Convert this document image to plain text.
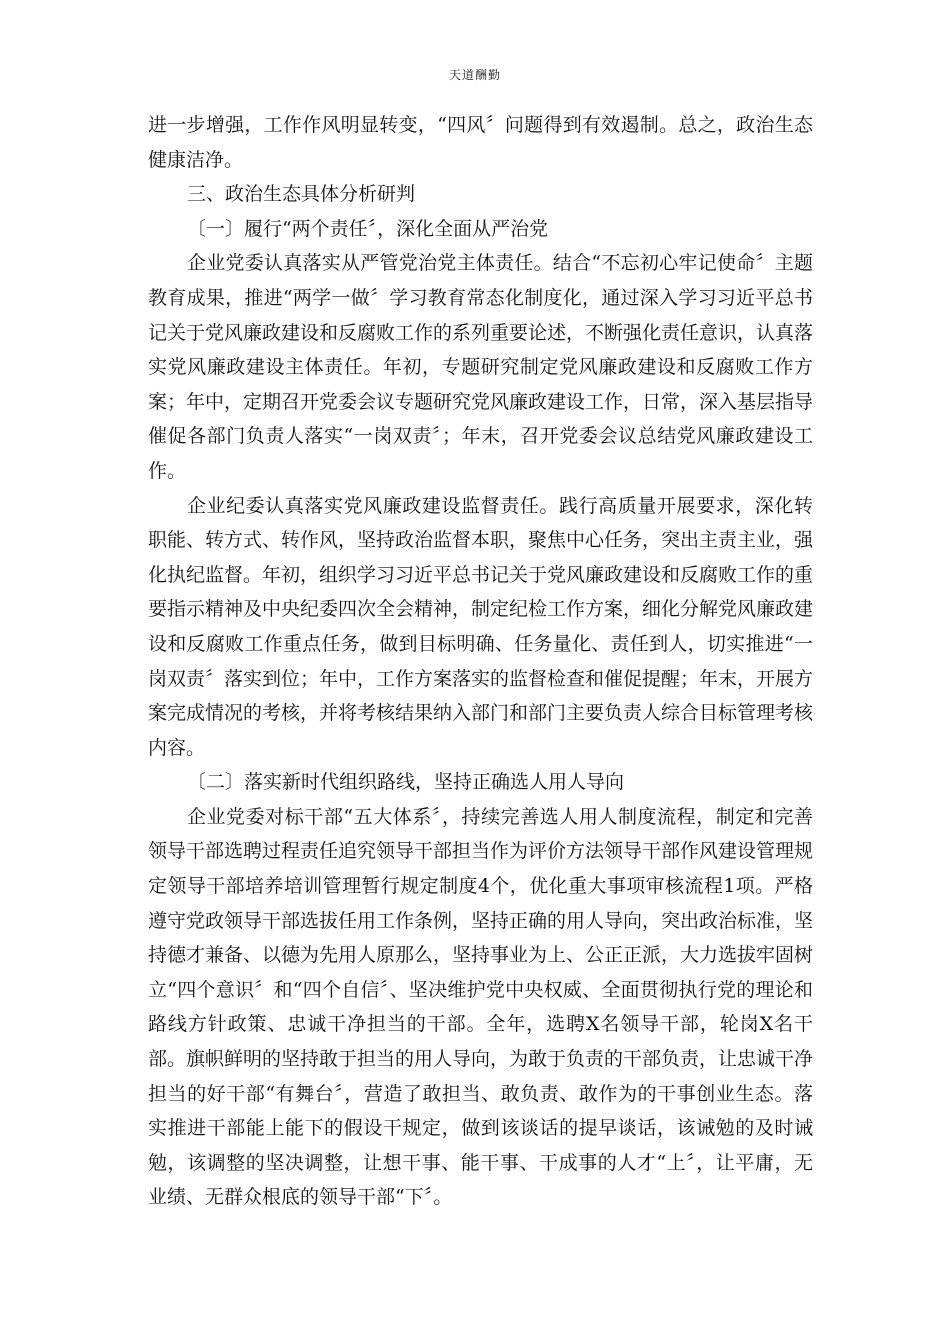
天道酬勤

进一步增强，工作作风明显转变，“四风〞问题得到有效遏制。总之，政治生态健康洁净。

三、政治生态具体分析研判

〔一〕履行“两个责任〞，深化全面从严治党

企业党委认真落实从严管党治党主体责任。结合“不忘初心牢记使命〞主题教育成果，推进“两学一做〞学习教育常态化制度化，通过深入学习习近平总书记关于党风廉政建设和反腐败工作的系列重要论述，不断强化责任意识，认真落实党风廉政建设主体责任。年初，专题研究制定党风廉政建设和反腐败工作方案；年中，定期召开党委会议专题研究党风廉政建设工作，日常，深入基层指导催促各部门负责人落实“一岗双责〞；年末，召开党委会议总结党风廉政建设工作。

企业纪委认真落实党风廉政建设监督责任。践行高质量开展要求，深化转职能、转方式、转作风，坚持政治监督本职，聚焦中心任务，突出主责主业，强化执纪监督。年初，组织学习习近平总书记关于党风廉政建设和反腐败工作的重要指示精神及中央纪委四次全会精神，制定纪检工作方案，细化分解党风廉政建设和反腐败工作重点任务，做到目标明确、任务量化、责任到人，切实推进“一岗双责〞落实到位；年中，工作方案落实的监督检查和催促提醒；年末，开展方案完成情况的考核，并将考核结果纳入部门和部门主要负责人综合目标管理考核内容。

〔二〕落实新时代组织路线，坚持正确选人用人导向

企业党委对标干部“五大体系〞，持续完善选人用人制度流程，制定和完善领导干部选聘过程责任追究领导干部担当作为评价方法领导干部作风建设管理规定领导干部培养培训管理暂行规定制度4个，优化重大事项审核流程1项。严格遵守党政领导干部选拔任用工作条例，坚持正确的用人导向，突出政治标准，坚持德才兼备、以德为先用人原那么，坚持事业为上、公正正派，大力选拔牢固树立“四个意识〞和“四个自信〞、坚决维护党中央权威、全面贯彻执行党的理论和路线方针政策、忠诚干净担当的干部。全年，选聘X名领导干部，轮岗X名干部。旗帜鲜明的坚持敢于担当的用人导向，为敢于负责的干部负责，让忠诚干净担当的好干部“有舞台〞，营造了敢担当、敢负责、敢作为的干事创业生态。落实推进干部能上能下的假设干规定，做到该谈话的提早谈话，该诫勉的及时诫勉，该调整的坚决调整，让想干事、能干事、干成事的人才“上〞，让平庸，无业绩、无群众根底的领导干部“下〞。
